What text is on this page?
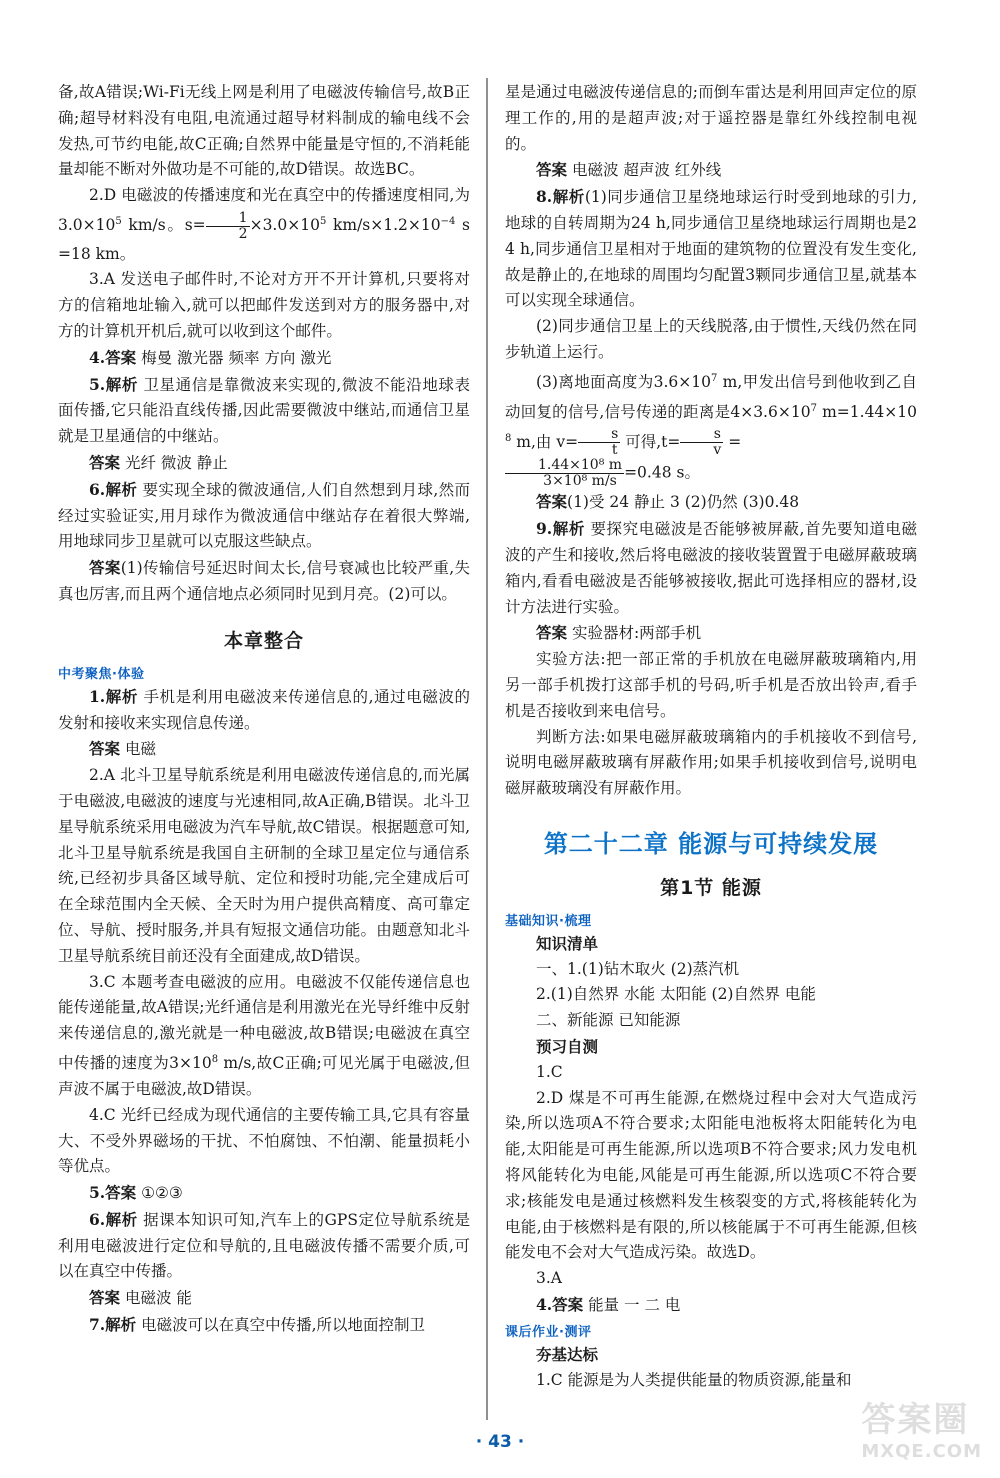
备,故A错误;Wi-Fi无线上网是利用了电磁波传输信号,故B正确;超导材料没有电阻,电流通过超导材料制成的输电线不会发热,可节约电能,故C正确;自然界中能量是守恒的,不消耗能量却能不断对外做功是不可能的,故D错误。故选BC。

2.D 电磁波的传播速度和光在真空中的传播速度相同,为$3.0\times 10^5$ km/s。$s= \frac{1}{2} \times 3.0\times 10^5$ $km/s\times 1.2\times 10^{-4}$ s=18 km。

3.A 发送电子邮件时,不论对方开不开计算机,只要将对方的信箱地址输入,就可以把邮件发送到对方的服务器中,对方的计算机开机后,就可以收到这个邮件。

4.答案 梅曼 激光器 频率 方向 激光

5.解析 卫星通信是靠微波来实现的,微波不能沿地球表面传播,它只能沿直线传播,因此需要微波中继站,而通信卫星就是卫星通信的中继站。

答案 光纤 微波 静止

6.解析 要实现全球的微波通信,人们自然想到月球,然而经过实验证实,用月球作为微波通信中继站存在着很大弊端,用地球同步卫星就可以克服这些缺点。

答案(1)传输信号延迟时间太长,信号衰减也比较严重,失真也厉害,而且两个通信地点必须同时见到月亮。(2)可以。

本章整合
中考聚焦·体验

1.解析 手机是利用电磁波来传递信息的,通过电磁波的发射和接收来实现信息传递。

答案 电磁

2.A 北斗卫星导航系统是利用电磁波传递信息的,而光属于电磁波,电磁波的速度与光速相同,故A正确,B错误。北斗卫星导航系统采用电磁波为汽车导航,故C错误。根据题意可知,北斗卫星导航系统是我国自主研制的全球卫星定位与通信系统,已经初步具备区域导航、定位和授时功能,完全建成后可在全球范围内全天候、全天时为用户提供高精度、高可靠定位、导航、授时服务,并具有短报文通信功能。由题意知北斗卫星导航系统目前还没有全面建成,故D错误。

3.C 本题考查电磁波的应用。电磁波不仅能传递信息也能传递能量,故A错误;光纤通信是利用激光在光导纤维中反射来传递信息的,激光就是一种电磁波,故B错误;电磁波在真空中传播的速度为$3\times 10^8$ m/s,故C正确;可见光属于电磁波,但声波不属于电磁波,故D错误。

4.C 光纤已经成为现代通信的主要传输工具,它具有容量大、不受外界磁场的干扰、不怕腐蚀、不怕潮、能量损耗小等优点。

5.答案 ①②③

6.解析 据课本知识可知,汽车上的GPS定位导航系统是利用电磁波进行定位和导航的,且电磁波传播不需要介质,可以在真空中传播。

答案 电磁波 能

7.解析 电磁波可以在真空中传播,所以地面控制卫

星是通过电磁波传递信息的;而倒车雷达是利用回声定位的原理工作的,用的是超声波;对于遥控器是靠红外线控制电视的。

答案 电磁波 超声波 红外线

8.解析(1)同步通信卫星绕地球运行时受到地球的引力,地球的自转周期为24 h,同步通信卫星绕地球运行周期也是24 h,同步通信卫星相对于地面的建筑物的位置没有发生变化,故是静止的,在地球的周围均匀配置3颗同步通信卫星,就基本可以实现全球通信。

(2)同步通信卫星上的天线脱落,由于惯性,天线仍然在同步轨道上运行。

(3)离地面高度为$3.6\times 10^7$ m,甲发出信号到他收到乙自动回复的信号,信号传递的距离是$4\times 3.6\times 10^7$ $m=1.44\times 10^8$ m,由 $v= \frac{s}{t}$ 可得$,t= \frac{s}{v}$ =

$\frac{\text{1.44×10⁸ m}}{\text{3×10⁸ m/s}} =0.48$ s。

答案(1)受 24 静止 3 (2)仍然 (3)0.48

9.解析 要探究电磁波是否能够被屏蔽,首先要知道电磁波的产生和接收,然后将电磁波的接收装置置于电磁屏蔽玻璃箱内,看看电磁波是否能够被接收,据此可选择相应的器材,设计方法进行实验。

答案 实验器材:两部手机

实验方法:把一部正常的手机放在电磁屏蔽玻璃箱内,用另一部手机拨打这部手机的号码,听手机是否放出铃声,看手机是否接收到来电信号。

判断方法:如果电磁屏蔽玻璃箱内的手机接收不到信号,说明电磁屏蔽玻璃有屏蔽作用;如果手机接收到信号,说明电磁屏蔽玻璃没有屏蔽作用。

第二十二章 能源与可持续发展
第1节 能源
基础知识·梳理

知识清单

一、1.(1)钻木取火 (2)蒸汽机

2.(1)自然界 水能 太阳能 (2)自然界 电能

二、新能源 已知能源

预习自测

1.C

2.D 煤是不可再生能源,在燃烧过程中会对大气造成污染,所以选项A不符合要求;太阳能电池板将太阳能转化为电能,太阳能是可再生能源,所以选项B不符合要求;风力发电机将风能转化为电能,风能是可再生能源,所以选项C不符合要求;核能发电是通过核燃料发生核裂变的方式,将核能转化为电能,由于核燃料是有限的,所以核能属于不可再生能源,但核能发电不会对大气造成污染。故选D。

3.A

4.答案 能量 一 二 电

课后作业·测评

夯基达标

1.C 能源是为人类提供能量的物质资源,能量和

· 43 ·
答案圈
MXQE.COM
